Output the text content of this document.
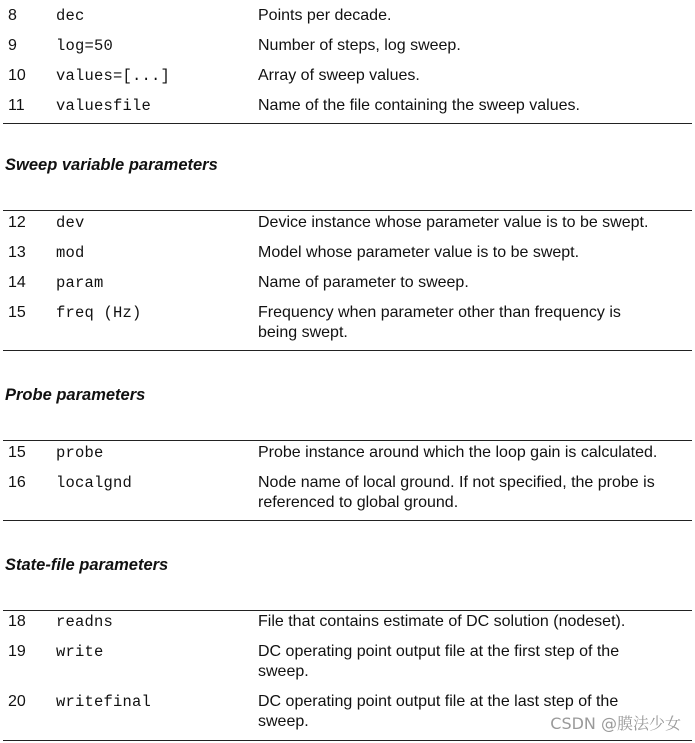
8	dec	Points per decade.
9	log=50	Number of steps, log sweep.
10 values=[...]	Array of sweep values.
11 valuesfile	Name of the file containing the sweep values.
Sweep variable parameters
12 dev	Device instance whose parameter value is to be swept.
13 mod	Model whose parameter value is to be swept.
14 param	Name of parameter to sweep.
15 freq (Hz)	Frequency when parameter other than frequency is being swept.
Probe parameters
15 probe	Probe instance around which the loop gain is calculated.
16 localgnd	Node name of local ground. If not specified, the probe is referenced to global ground.
State-file parameters
18 readns	File that contains estimate of DC solution (nodeset).
19 write	DC operating point output file at the first step of the sweep.
20 writefinal	DC operating point output file at the last step of the sweep.	CSDN @膜法少女
